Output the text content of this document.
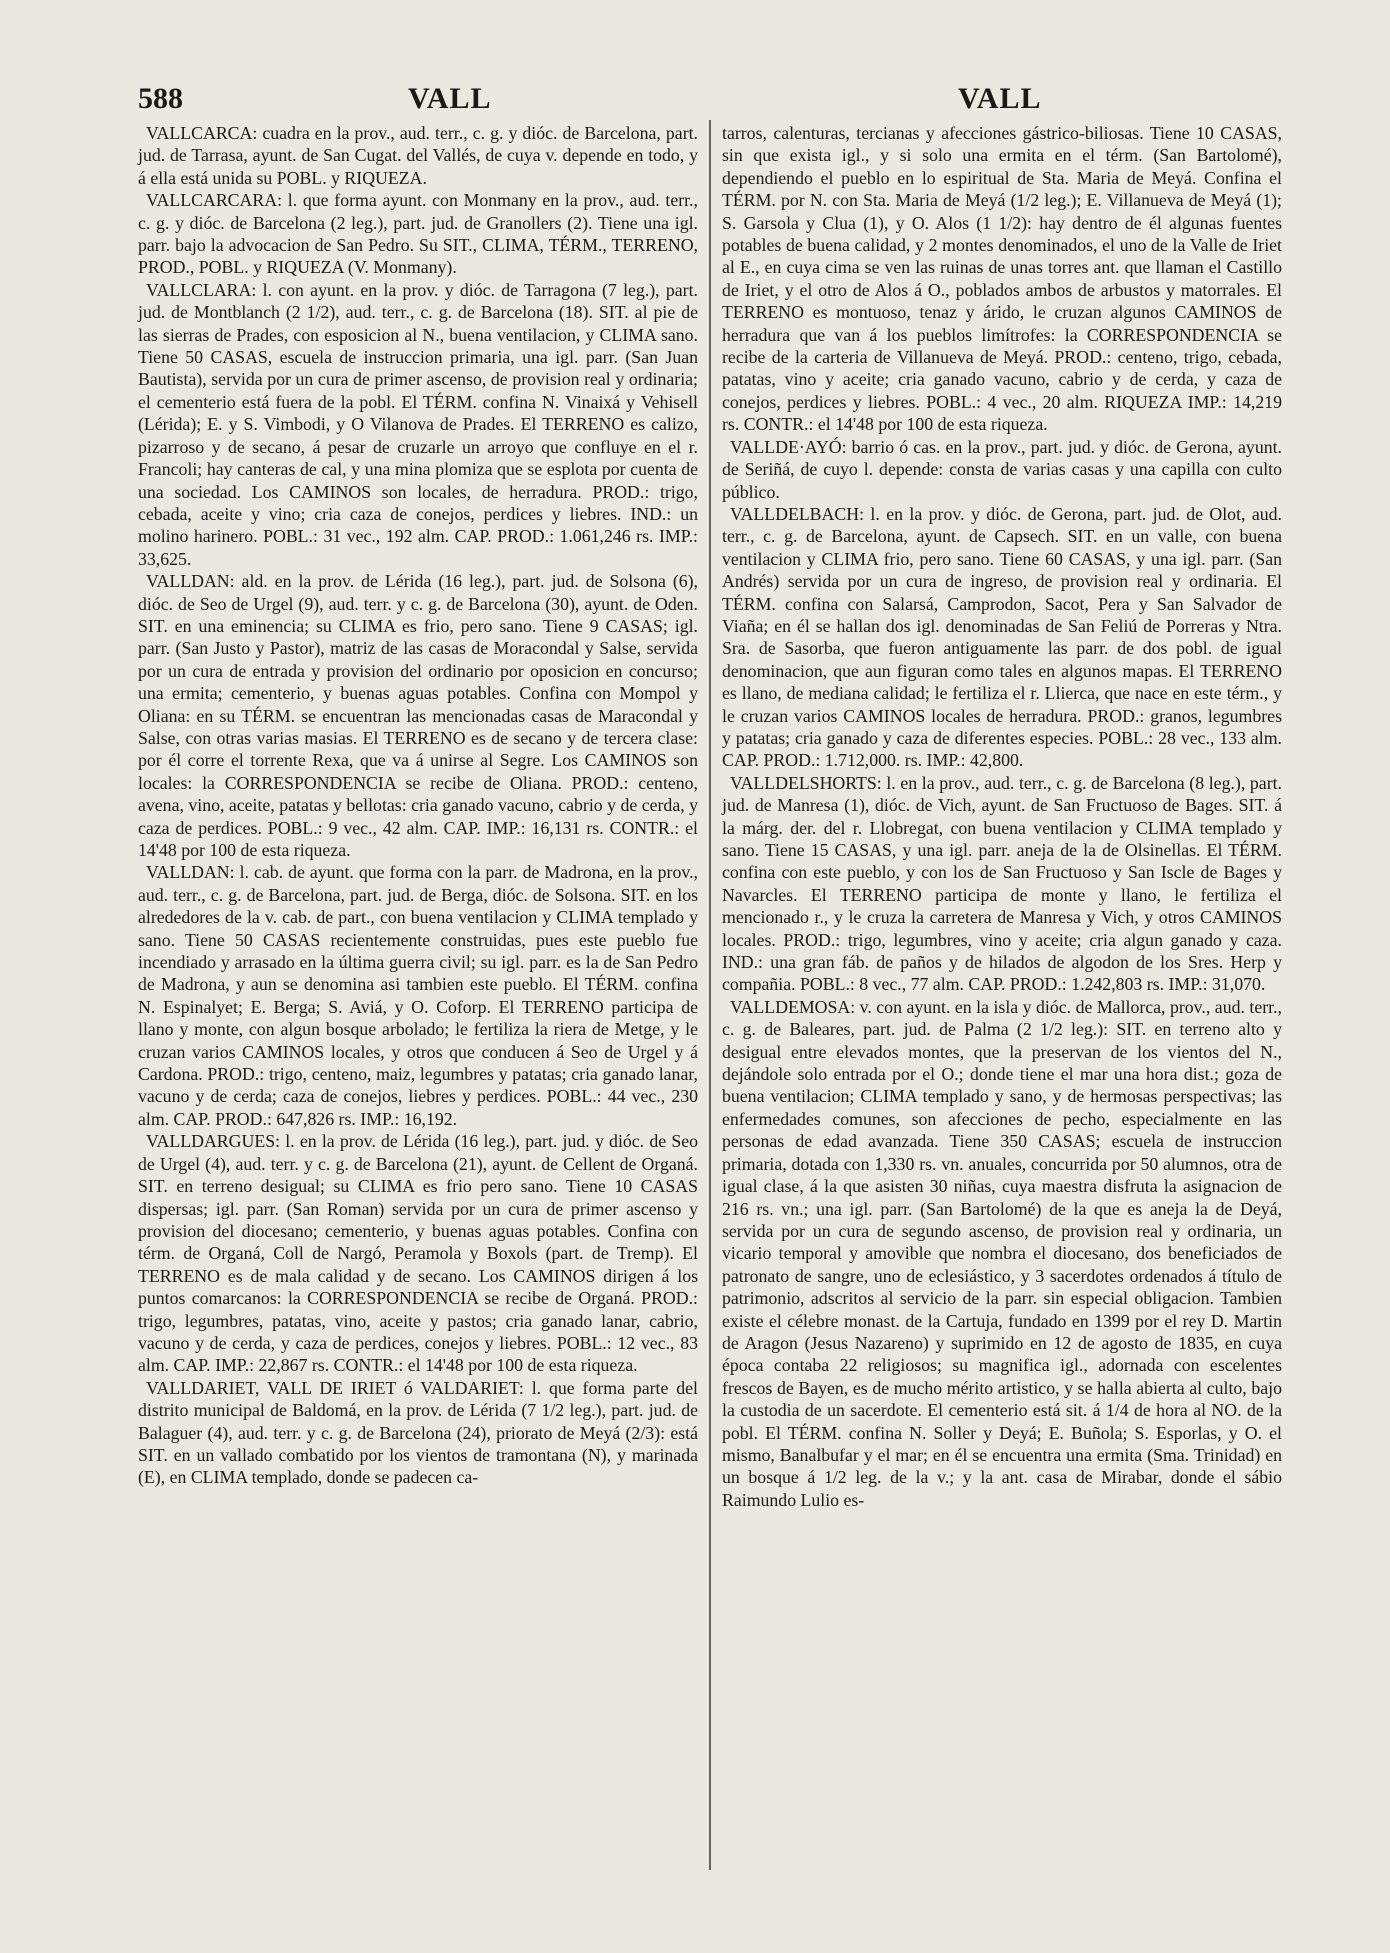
588	VALL	VALL

VALLCARCA: cuadra en la prov., aud. terr., c. g. y dióc. de Barcelona, part. jud. de Tarrasa, ayunt. de San Cugat. del Vallés, de cuya v. depende en todo, y á ella está unida su POBL. y RIQUEZA.

VALLCARCARA: l. que forma ayunt. con Monmany en la prov., aud. terr., c. g. y dióc. de Barcelona (2 leg.), part. jud. de Granollers (2). Tiene una igl. parr. bajo la advocacion de San Pedro. Su SIT., CLIMA, TÉRM., TERRENO, PROD., POBL. y RIQUEZA (V. Monmany).

VALLCLARA: l. con ayunt. en la prov. y dióc. de Tarragona (7 leg.), part. jud. de Montblanch (2 1/2), aud. terr., c. g. de Barcelona (18). SIT. al pie de las sierras de Prades, con esposicion al N., buena ventilacion, y CLIMA sano. Tiene 50 CASAS, escuela de instruccion primaria, una igl. parr. (San Juan Bautista), servida por un cura de primer ascenso, de provision real y ordinaria; el cementerio está fuera de la pobl. El TÉRM. confina N. Vinaixá y Vehisell (Lérida); E. y S. Vimbodi, y O Vilanova de Prades. El TERRENO es calizo, pizarroso y de secano, á pesar de cruzarle un arroyo que confluye en el r. Francoli; hay canteras de cal, y una mina plomiza que se esplota por cuenta de una sociedad. Los CAMINOS son locales, de herradura. PROD.: trigo, cebada, aceite y vino; cria caza de conejos, perdices y liebres. IND.: un molino harinero. POBL.: 31 vec., 192 alm. CAP. PROD.: 1.061,246 rs. IMP.: 33,625.

VALLDAN: ald. en la prov. de Lérida (16 leg.), part. jud. de Solsona (6), dióc. de Seo de Urgel (9), aud. terr. y c. g. de Barcelona (30), ayunt. de Oden. SIT. en una eminencia; su CLIMA es frio, pero sano. Tiene 9 CASAS; igl. parr. (San Justo y Pastor), matriz de las casas de Moracondal y Salse, servida por un cura de entrada y provision del ordinario por oposicion en concurso; una ermita; cementerio, y buenas aguas potables. Confina con Mompol y Oliana: en su TÉRM. se encuentran las mencionadas casas de Maracondal y Salse, con otras varias masias. El TERRENO es de secano y de tercera clase: por él corre el torrente Rexa, que va á unirse al Segre. Los CAMINOS son locales: la CORRESPONDENCIA se recibe de Oliana. PROD.: centeno, avena, vino, aceite, patatas y bellotas: cria ganado vacuno, cabrio y de cerda, y caza de perdices. POBL.: 9 vec., 42 alm. CAP. IMP.: 16,131 rs. CONTR.: el 14'48 por 100 de esta riqueza.

VALLDAN: l. cab. de ayunt. que forma con la parr. de Madrona, en la prov., aud. terr., c. g. de Barcelona, part. jud. de Berga, dióc. de Solsona. SIT. en los alrededores de la v. cab. de part., con buena ventilacion y CLIMA templado y sano. Tiene 50 CASAS recientemente construidas, pues este pueblo fue incendiado y arrasado en la última guerra civil; su igl. parr. es la de San Pedro de Madrona, y aun se denomina asi tambien este pueblo. El TÉRM. confina N. Espinalyet; E. Berga; S. Aviá, y O. Coforp. El TERRENO participa de llano y monte, con algun bosque arbolado; le fertiliza la riera de Metge, y le cruzan varios CAMINOS locales, y otros que conducen á Seo de Urgel y á Cardona. PROD.: trigo, centeno, maiz, legumbres y patatas; cria ganado lanar, vacuno y de cerda; caza de conejos, liebres y perdices. POBL.: 44 vec., 230 alm. CAP. PROD.: 647,826 rs. IMP.: 16,192.

VALLDARGUES: l. en la prov. de Lérida (16 leg.), part. jud. y dióc. de Seo de Urgel (4), aud. terr. y c. g. de Barcelona (21), ayunt. de Cellent de Organá. SIT. en terreno desigual; su CLIMA es frio pero sano. Tiene 10 CASAS dispersas; igl. parr. (San Roman) servida por un cura de primer ascenso y provision del diocesano; cementerio, y buenas aguas potables. Confina con térm. de Organá, Coll de Nargó, Peramola y Boxols (part. de Tremp). El TERRENO es de mala calidad y de secano. Los CAMINOS dirigen á los puntos comarcanos: la CORRESPONDENCIA se recibe de Organá. PROD.: trigo, legumbres, patatas, vino, aceite y pastos; cria ganado lanar, cabrio, vacuno y de cerda, y caza de perdices, conejos y liebres. POBL.: 12 vec., 83 alm. CAP. IMP.: 22,867 rs. CONTR.: el 14'48 por 100 de esta riqueza.

VALLDARIET, VALL DE IRIET ó VALDARIET: l. que forma parte del distrito municipal de Baldomá, en la prov. de Lérida (7 1/2 leg.), part. jud. de Balaguer (4), aud. terr. y c. g. de Barcelona (24), priorato de Meyá (2/3): está SIT. en un vallado combatido por los vientos de tramontana (N), y marinada (E), en CLIMA templado, donde se padecen ca-

tarros, calenturas, tercianas y afecciones gástrico-biliosas. Tiene 10 CASAS, sin que exista igl., y si solo una ermita en el térm. (San Bartolomé), dependiendo el pueblo en lo espiritual de Sta. Maria de Meyá. Confina el TÉRM. por N. con Sta. Maria de Meyá (1/2 leg.); E. Villanueva de Meyá (1); S. Garsola y Clua (1), y O. Alos (1 1/2): hay dentro de él algunas fuentes potables de buena calidad, y 2 montes denominados, el uno de la Valle de Iriet al E., en cuya cima se ven las ruinas de unas torres ant. que llaman el Castillo de Iriet, y el otro de Alos á O., poblados ambos de arbustos y matorrales. El TERRENO es montuoso, tenaz y árido, le cruzan algunos CAMINOS de herradura que van á los pueblos limítrofes: la CORRESPONDENCIA se recibe de la carteria de Villanueva de Meyá. PROD.: centeno, trigo, cebada, patatas, vino y aceite; cria ganado vacuno, cabrio y de cerda, y caza de conejos, perdices y liebres. POBL.: 4 vec., 20 alm. RIQUEZA IMP.: 14,219 rs. CONTR.: el 14'48 por 100 de esta riqueza.

VALLDE·AYÓ: barrio ó cas. en la prov., part. jud. y dióc. de Gerona, ayunt. de Seriñá, de cuyo l. depende: consta de varias casas y una capilla con culto público.

VALLDELBACH: l. en la prov. y dióc. de Gerona, part. jud. de Olot, aud. terr., c. g. de Barcelona, ayunt. de Capsech. SIT. en un valle, con buena ventilacion y CLIMA frio, pero sano. Tiene 60 CASAS, y una igl. parr. (San Andrés) servida por un cura de ingreso, de provision real y ordinaria. El TÉRM. confina con Salarsá, Camprodon, Sacot, Pera y San Salvador de Viaña; en él se hallan dos igl. denominadas de San Feliú de Porreras y Ntra. Sra. de Sasorba, que fueron antiguamente las parr. de dos pobl. de igual denominacion, que aun figuran como tales en algunos mapas. El TERRENO es llano, de mediana calidad; le fertiliza el r. Llierca, que nace en este térm., y le cruzan varios CAMINOS locales de herradura. PROD.: granos, legumbres y patatas; cria ganado y caza de diferentes especies. POBL.: 28 vec., 133 alm. CAP. PROD.: 1.712,000. rs. IMP.: 42,800.

VALLDELSHORTS: l. en la prov., aud. terr., c. g. de Barcelona (8 leg.), part. jud. de Manresa (1), dióc. de Vich, ayunt. de San Fructuoso de Bages. SIT. á la márg. der. del r. Llobregat, con buena ventilacion y CLIMA templado y sano. Tiene 15 CASAS, y una igl. parr. aneja de la de Olsinellas. El TÉRM. confina con este pueblo, y con los de San Fructuoso y San Iscle de Bages y Navarcles. El TERRENO participa de monte y llano, le fertiliza el mencionado r., y le cruza la carretera de Manresa y Vich, y otros CAMINOS locales. PROD.: trigo, legumbres, vino y aceite; cria algun ganado y caza. IND.: una gran fáb. de paños y de hilados de algodon de los Sres. Herp y compañia. POBL.: 8 vec., 77 alm. CAP. PROD.: 1.242,803 rs. IMP.: 31,070.

VALLDEMOSA: v. con ayunt. en la isla y dióc. de Mallorca, prov., aud. terr., c. g. de Baleares, part. jud. de Palma (2 1/2 leg.): SIT. en terreno alto y desigual entre elevados montes, que la preservan de los vientos del N., dejándole solo entrada por el O.; donde tiene el mar una hora dist.; goza de buena ventilacion; CLIMA templado y sano, y de hermosas perspectivas; las enfermedades comunes, son afecciones de pecho, especialmente en las personas de edad avanzada. Tiene 350 CASAS; escuela de instruccion primaria, dotada con 1,330 rs. vn. anuales, concurrida por 50 alumnos, otra de igual clase, á la que asisten 30 niñas, cuya maestra disfruta la asignacion de 216 rs. vn.; una igl. parr. (San Bartolomé) de la que es aneja la de Deyá, servida por un cura de segundo ascenso, de provision real y ordinaria, un vicario temporal y amovible que nombra el diocesano, dos beneficiados de patronato de sangre, uno de eclesiástico, y 3 sacerdotes ordenados á título de patrimonio, adscritos al servicio de la parr. sin especial obligacion. Tambien existe el célebre monast. de la Cartuja, fundado en 1399 por el rey D. Martin de Aragon (Jesus Nazareno) y suprimido en 12 de agosto de 1835, en cuya época contaba 22 religiosos; su magnifica igl., adornada con escelentes frescos de Bayen, es de mucho mérito artistico, y se halla abierta al culto, bajo la custodia de un sacerdote. El cementerio está sit. á 1/4 de hora al NO. de la pobl. El TÉRM. confina N. Soller y Deyá; E. Buñola; S. Esporlas, y O. el mismo, Banalbufar y el mar; en él se encuentra una ermita (Sma. Trinidad) en un bosque á 1/2 leg. de la v.; y la ant. casa de Mirabar, donde el sábio Raimundo Lulio es-
